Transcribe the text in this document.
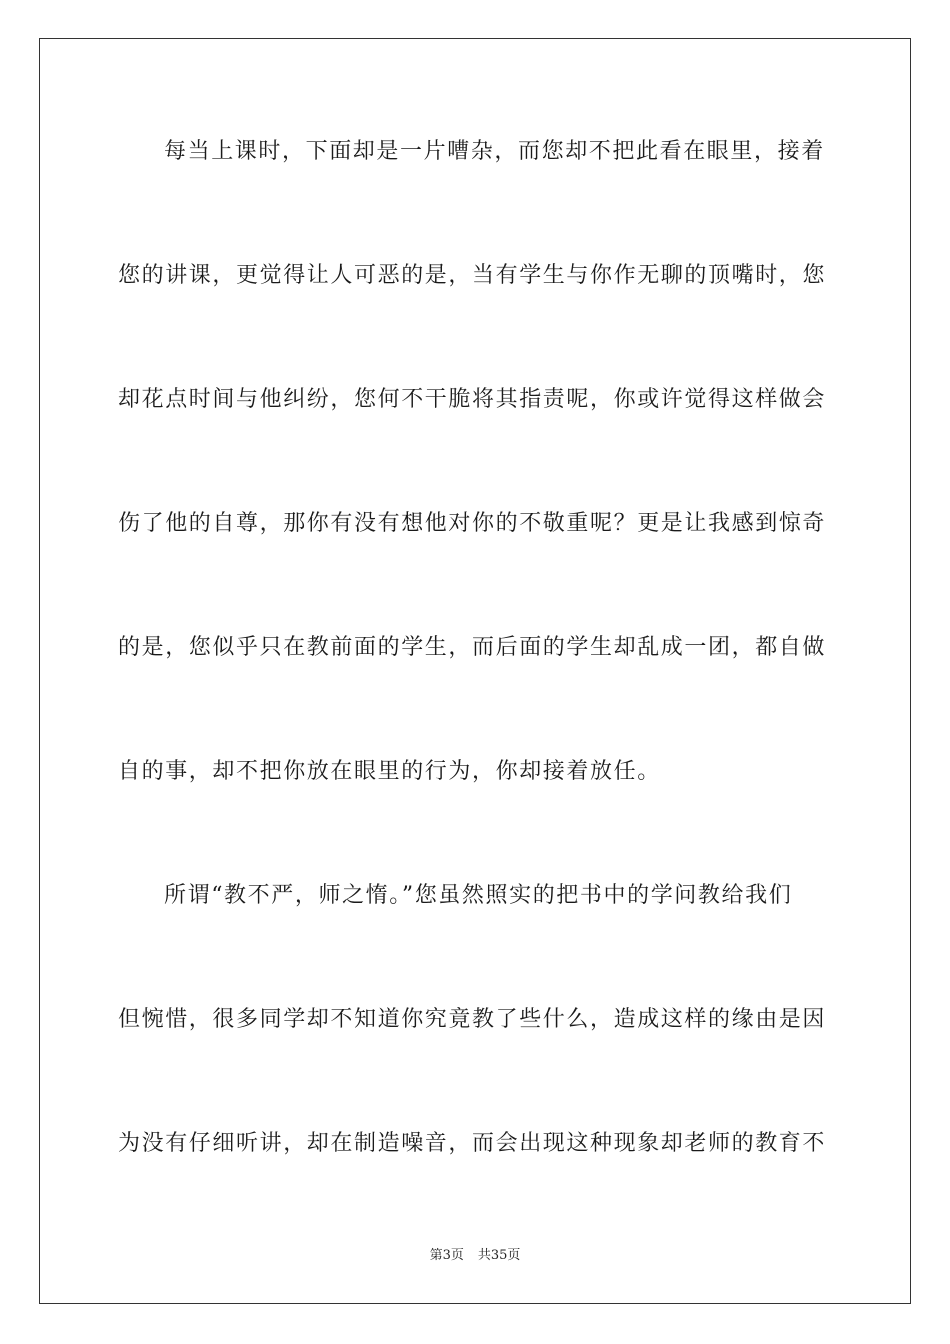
每当上课时，下面却是一片嘈杂，而您却不把此看在眼里，接着
您的讲课，更觉得让人可恶的是，当有学生与你作无聊的顶嘴时，您
却花点时间与他纠纷，您何不干脆将其指责呢，你或许觉得这样做会
伤了他的自尊，那你有没有想他对你的不敬重呢？更是让我感到惊奇
的是，您似乎只在教前面的学生，而后面的学生却乱成一团，都自做
自的事，却不把你放在眼里的行为，你却接着放任。
所谓“教不严，师之惰。”您虽然照实的把书中的学问教给我们
但惋惜，很多同学却不知道你究竟教了些什么，造成这样的缘由是因
为没有仔细听讲，却在制造噪音，而会出现这种现象却老师的教育不
第3页 共35页
